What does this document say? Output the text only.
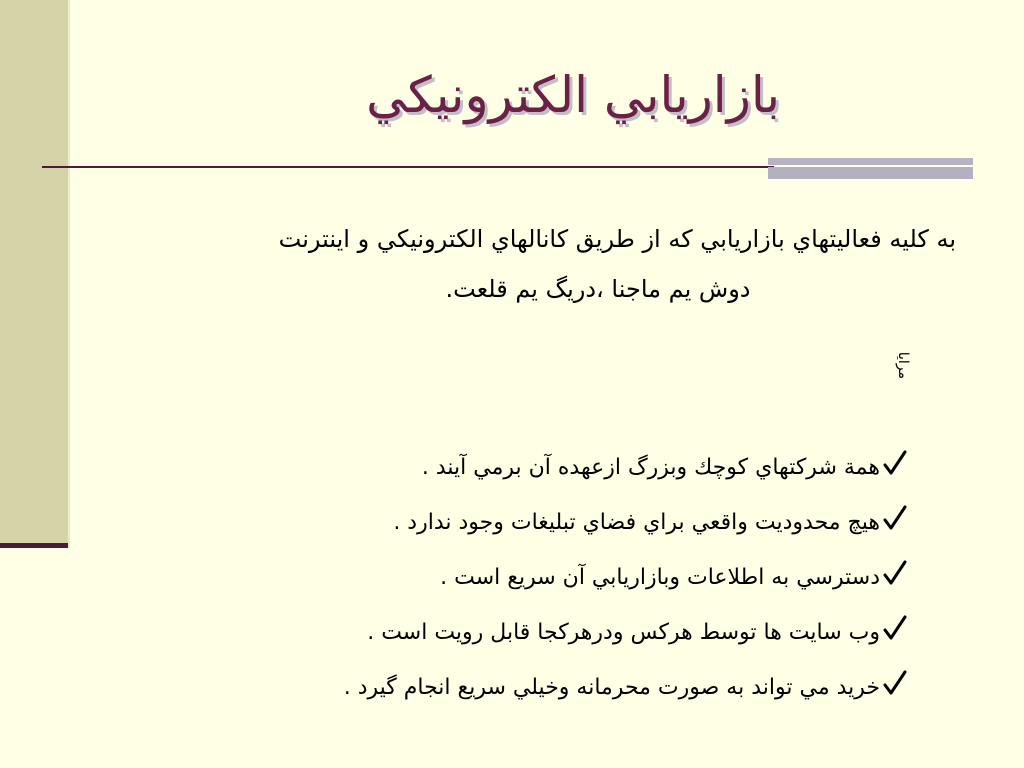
بازاريابي الكترونيكي
به كليه فعاليتهاي بازاريابي كه از طريق كانالهاي الكترونيكي و اينترنت
دوش يم ماجنا ،دريگ يم قلعت.
مرايا
همة شركتهاي كوچك وبزرگ ازعهده آن برمي آيند .
هيچ محدوديت واقعي براي فضاي تبليغات وجود ندارد .
دسترسي به اطلاعات وبازاريابي آن سريع است .
وب سايت ها توسط هركس ودرهركجا قابل رويت است .
خريد مي تواند به صورت محرمانه وخيلي سريع انجام گيرد .
